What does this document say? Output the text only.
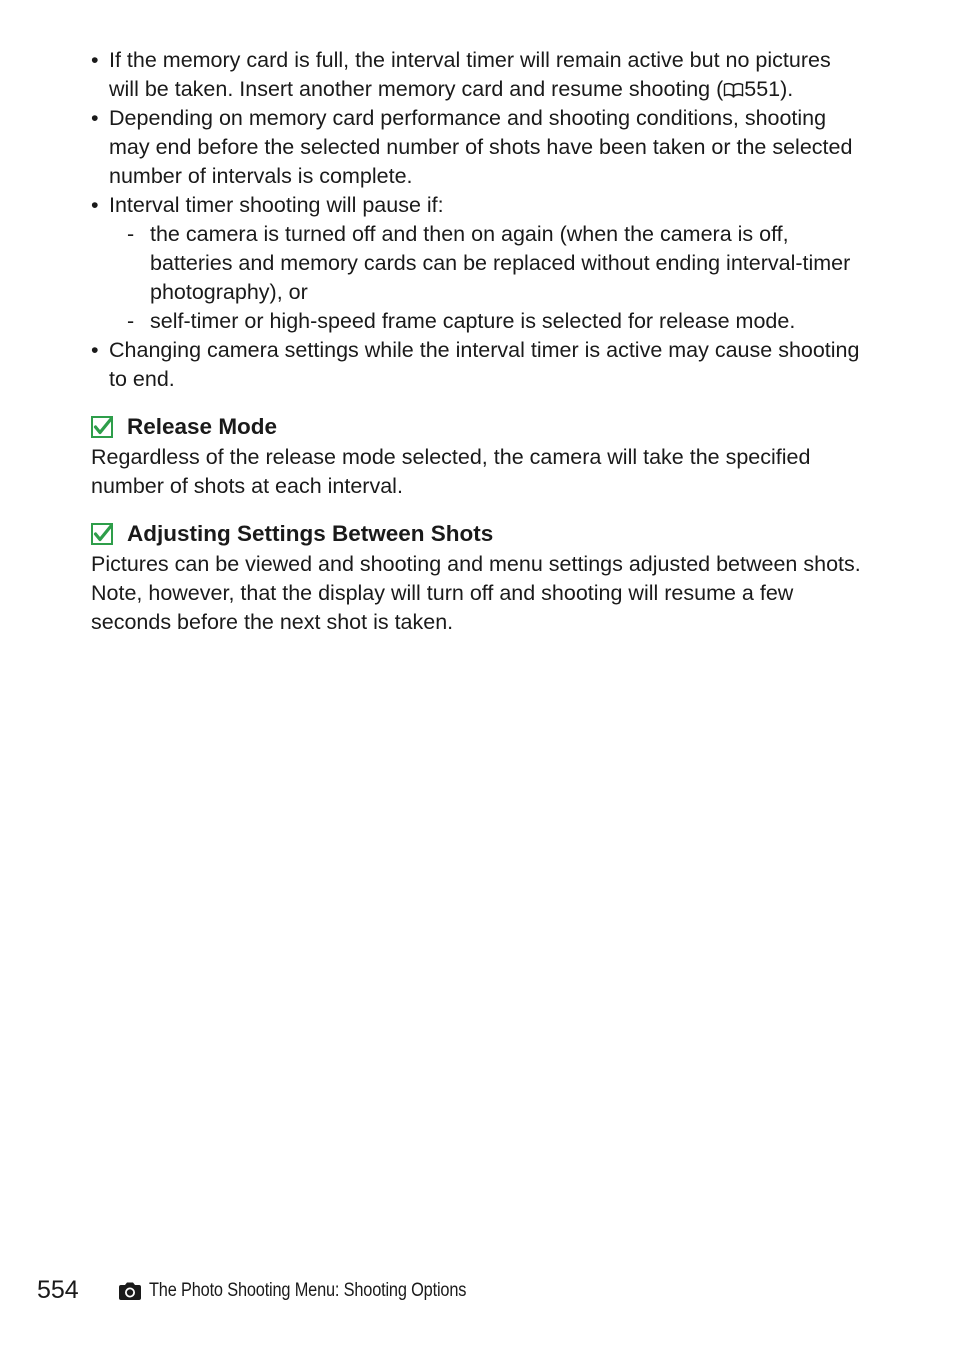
• If the memory card is full, the interval timer will remain active but no pictures will be taken. Insert another memory card and resume shooting ( 551).
• Depending on memory card performance and shooting conditions, shooting may end before the selected number of shots have been taken or the selected number of intervals is complete.
• Interval timer shooting will pause if:
- the camera is turned off and then on again (when the camera is off, batteries and memory cards can be replaced without ending interval-timer photography), or
- self-timer or high-speed frame capture is selected for release mode.
• Changing camera settings while the interval timer is active may cause shooting to end.
Release Mode

Regardless of the release mode selected, the camera will take the specified number of shots at each interval.

Adjusting Settings Between Shots

Pictures can be viewed and shooting and menu settings adjusted between shots. Note, however, that the display will turn off and shooting will resume a few seconds before the next shot is taken.

554	The Photo Shooting Menu: Shooting Options
